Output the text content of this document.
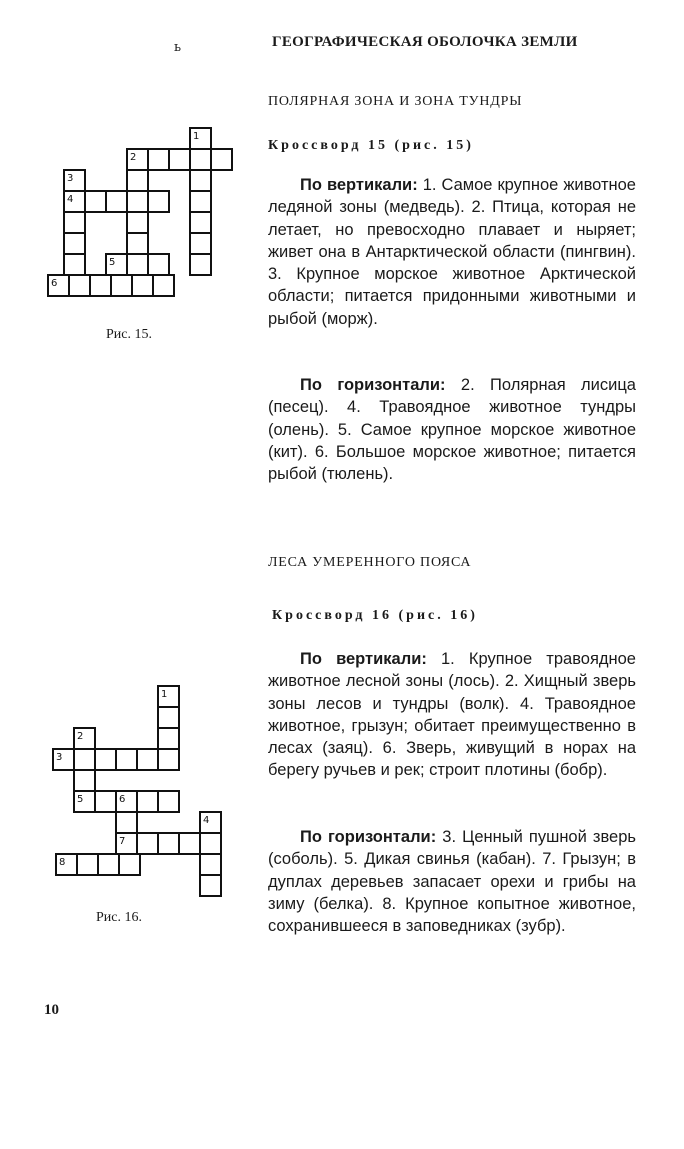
ь	ГЕОГРАФИЧЕСКАЯ ОБОЛОЧКА ЗЕМЛИ
ПОЛЯРНАЯ ЗОНА И ЗОНА ТУНДРЫ
Кроссворд 15 (рис. 15)
По вертикали: 1. Самое крупное животное ледяной зоны (медведь). 2. Птица, которая не летает, но превосходно плавает и ныряет; живет она в Антарктической области (пингвин). 3. Крупное морское животное Арктической области; питается придонными животными и рыбой (морж).
По горизонтали: 2. Полярная лисица (песец). 4. Травоядное животное тундры (олень). 5. Самое крупное морское животное (кит). 6. Большое морское животное; питается рыбой (тюлень).
1
2
3
4
5
6
Рис. 15.
ЛЕСА УМЕРЕННОГО ПОЯСА
Кроссворд 16 (рис. 16)
По вертикали: 1. Крупное травоядное животное лесной зоны (лось). 2. Хищный зверь зоны лесов и тундры (волк). 4. Травоядное животное, грызун; обитает преимущественно в лесах (заяц). 6. Зверь, живущий в норах на берегу ручьев и рек; строит плотины (бобр).
По горизонтали: 3. Ценный пушной зверь (соболь). 5. Дикая свинья (кабан). 7. Грызун; в дуплах деревьев запасает орехи и грибы на зиму (белка). 8. Крупное копытное животное, сохранившееся в заповедниках (зубр).
1
2
3
4
5	6
7
8
Рис. 16.
10
